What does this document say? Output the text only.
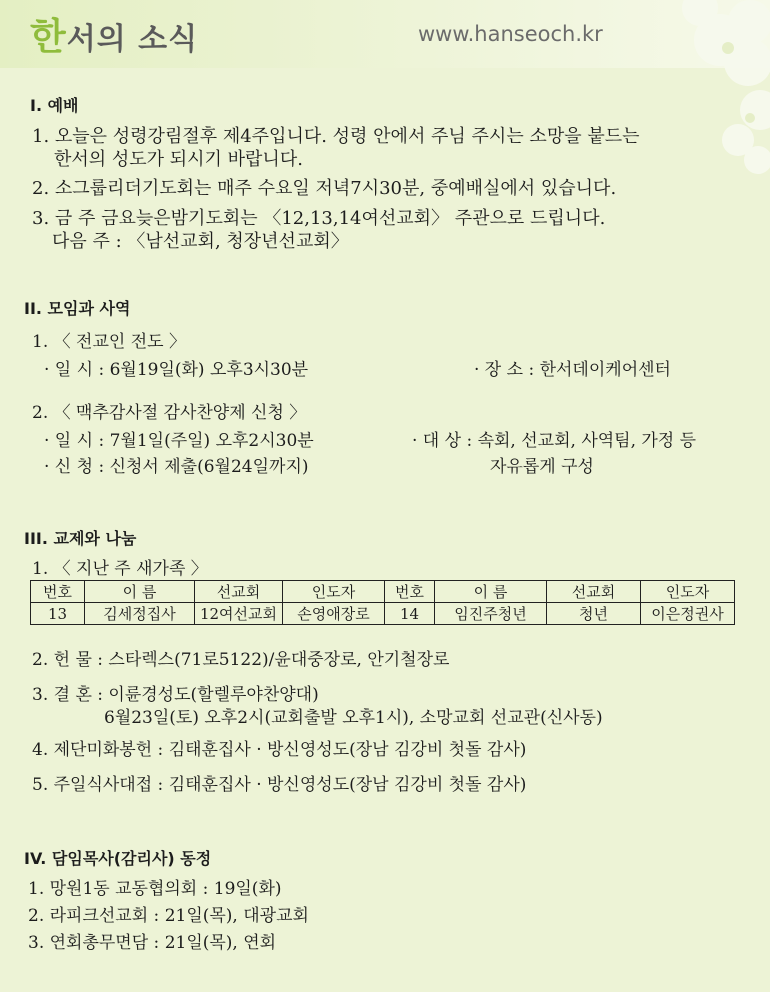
한서의 소식	www.hanseoch.kr
I. 예배
1. 오늘은 성령강림절후 제4주입니다. 성령 안에서 주님 주시는 소망을 붙드는
한서의 성도가 되시기 바랍니다.
2. 소그룹리더기도회는 매주 수요일 저녁7시30분, 중예배실에서 있습니다.
3. 금 주 금요늦은밤기도회는 〈12,13,14여선교회〉 주관으로 드립니다.
다음 주 : 〈남선교회, 청장년선교회〉
II. 모임과 사역
1. 〈 전교인 전도 〉
· 일 시 : 6월19일(화) 오후3시30분	· 장 소 : 한서데이케어센터
2. 〈 맥추감사절 감사찬양제 신청 〉
· 일 시 : 7월1일(주일) 오후2시30분	· 대 상 : 속회, 선교회, 사역팀, 가정 등
· 신 청 : 신청서 제출(6월24일까지)	자유롭게 구성
III. 교제와 나눔
1. 〈 지난 주 새가족 〉
번호	이 름	선교회	인도자	번호	이 름	선교회	인도자
13	김세정집사	12여선교회	손영애장로	14	임진주청년	청년	이은정권사
2. 헌 물 : 스타렉스(71로5122)/윤대중장로, 안기철장로
3. 결 혼 : 이륜경성도(할렐루야찬양대)
6월23일(토) 오후2시(교회출발 오후1시), 소망교회 선교관(신사동)
4. 제단미화봉헌 : 김태훈집사 · 방신영성도(장남 김강비 첫돌 감사)
5. 주일식사대접 : 김태훈집사 · 방신영성도(장남 김강비 첫돌 감사)
IV. 담임목사(감리사) 동정
1. 망원1동 교동협의회 : 19일(화)
2. 라피크선교회 : 21일(목), 대광교회
3. 연회총무면담 : 21일(목), 연회
